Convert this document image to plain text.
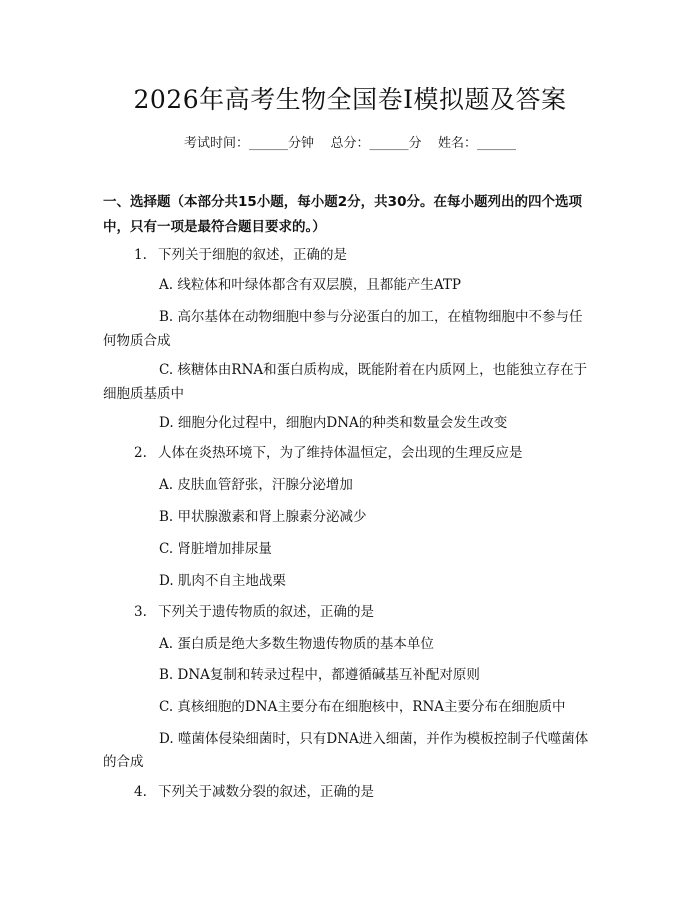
2026年高考生物全国卷Ⅰ模拟题及答案
考试时间：______分钟    总分：______分    姓名：______
一、选择题（本部分共15小题，每小题2分，共30分。在每小题列出的四个选项中，只有一项是最符合题目要求的。）
1. 下列关于细胞的叙述，正确的是
A. 线粒体和叶绿体都含有双层膜，且都能产生ATP
B. 高尔基体在动物细胞中参与分泌蛋白的加工，在植物细胞中不参与任
何物质合成
C. 核糖体由RNA和蛋白质构成，既能附着在内质网上，也能独立存在于
细胞质基质中
D. 细胞分化过程中，细胞内DNA的种类和数量会发生改变
2. 人体在炎热环境下，为了维持体温恒定，会出现的生理反应是
A. 皮肤血管舒张，汗腺分泌增加
B. 甲状腺激素和肾上腺素分泌减少
C. 肾脏增加排尿量
D. 肌肉不自主地战栗
3. 下列关于遗传物质的叙述，正确的是
A. 蛋白质是绝大多数生物遗传物质的基本单位
B. DNA复制和转录过程中，都遵循碱基互补配对原则
C. 真核细胞的DNA主要分布在细胞核中，RNA主要分布在细胞质中
D. 噬菌体侵染细菌时，只有DNA进入细菌，并作为模板控制子代噬菌体
的合成
4. 下列关于减数分裂的叙述，正确的是
